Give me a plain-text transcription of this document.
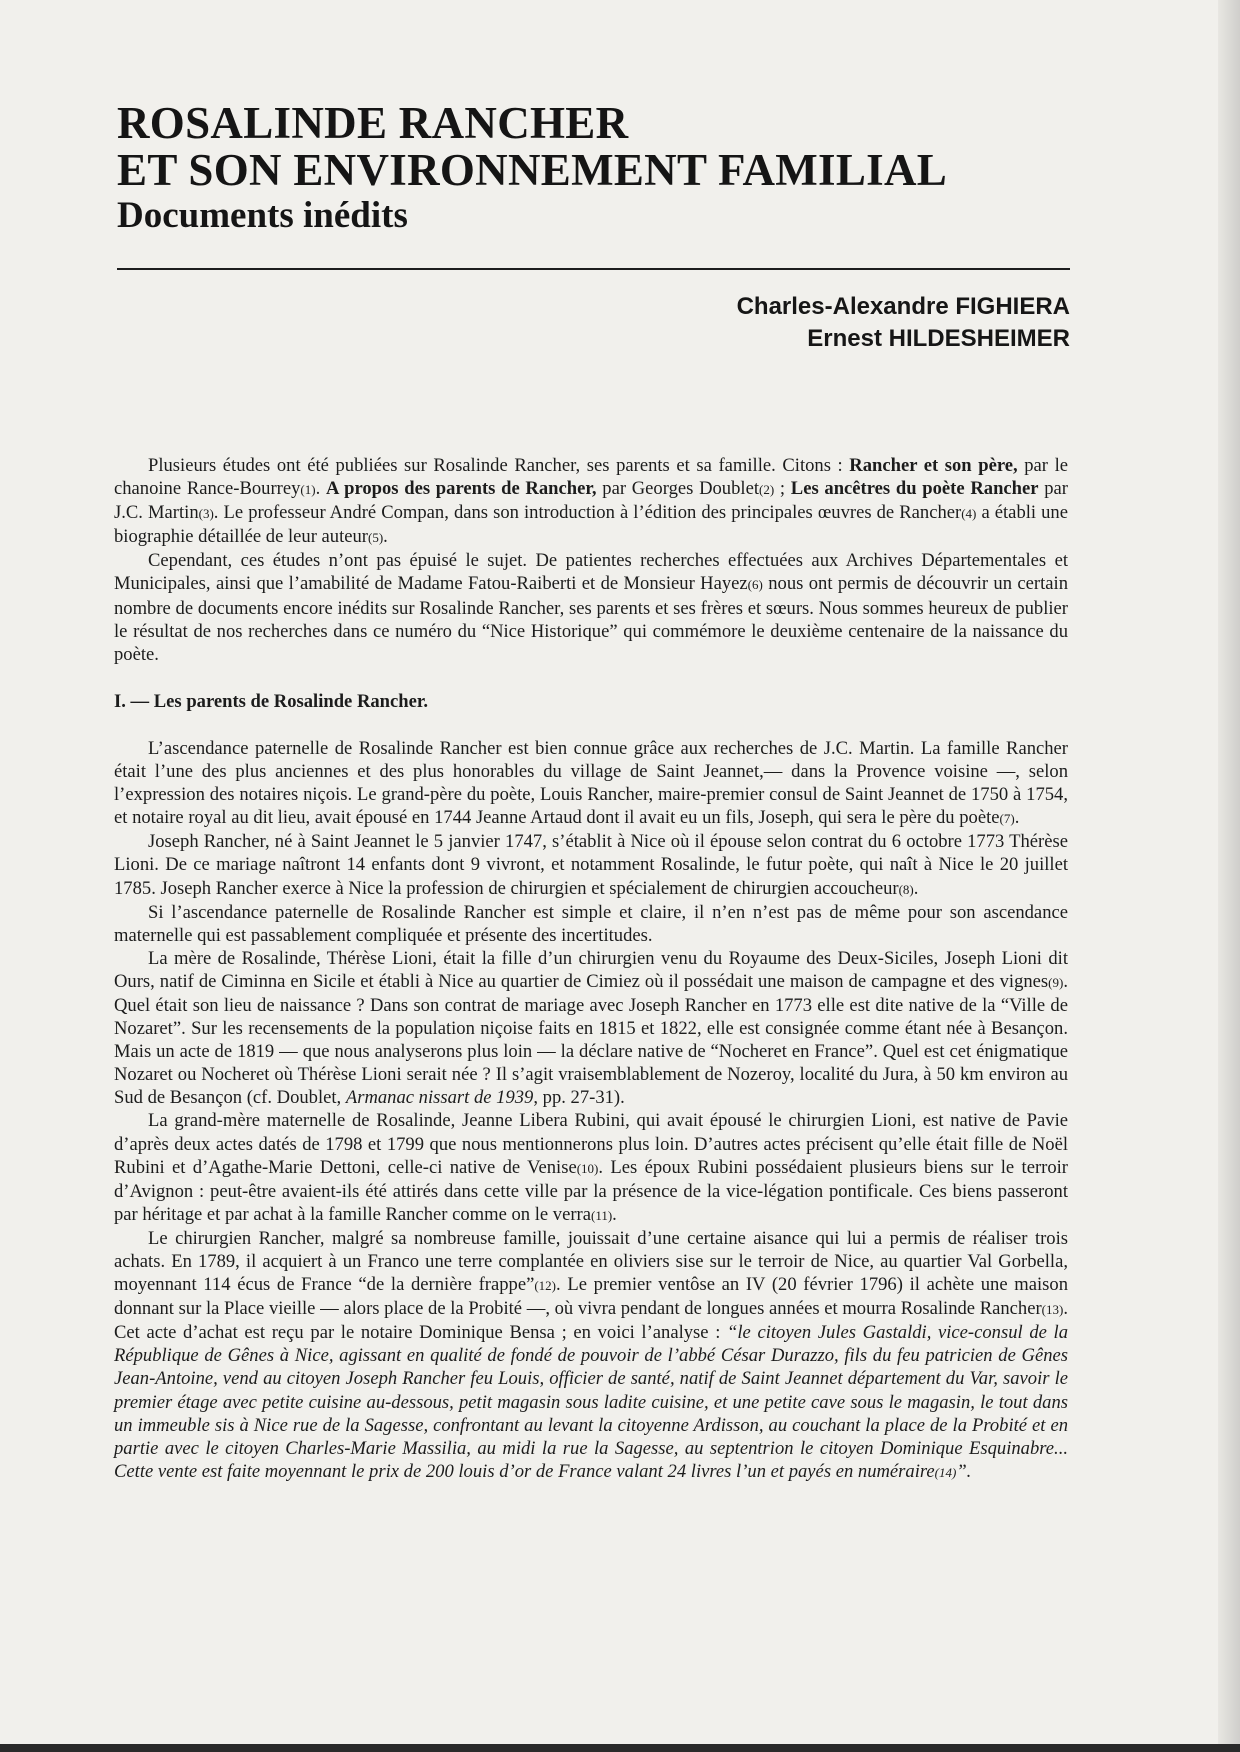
ROSALINDE RANCHER
ET SON ENVIRONNEMENT FAMILIAL
Documents inédits
Charles-Alexandre FIGHIERA
Ernest HILDESHEIMER

Plusieurs études ont été publiées sur Rosalinde Rancher, ses parents et sa famille. Citons : Rancher et son père, par le chanoine Rance-Bourrey(1). A propos des parents de Rancher, par Georges Doublet(2) ; Les ancêtres du poète Rancher par J.C. Martin(3). Le professeur André Compan, dans son introduction à l’édition des principales œuvres de Rancher(4) a établi une biographie détaillée de leur auteur(5).

Cependant, ces études n’ont pas épuisé le sujet. De patientes recherches effectuées aux Archives Départementales et Municipales, ainsi que l’amabilité de Madame Fatou-Raiberti et de Monsieur Hayez(6) nous ont permis de découvrir un certain nombre de documents encore inédits sur Rosalinde Rancher, ses parents et ses frères et sœurs. Nous sommes heureux de publier le résultat de nos recherches dans ce numéro du “Nice Historique” qui commémore le deuxième centenaire de la naissance du poète.

I. — Les parents de Rosalinde Rancher.

L’ascendance paternelle de Rosalinde Rancher est bien connue grâce aux recherches de J.C. Martin. La famille Rancher était l’une des plus anciennes et des plus honorables du village de Saint Jeannet,— dans la Provence voisine —, selon l’expression des notaires niçois. Le grand-père du poète, Louis Rancher, maire-premier consul de Saint Jeannet de 1750 à 1754, et notaire royal au dit lieu, avait épousé en 1744 Jeanne Artaud dont il avait eu un fils, Joseph, qui sera le père du poète(7).

Joseph Rancher, né à Saint Jeannet le 5 janvier 1747, s’établit à Nice où il épouse selon contrat du 6 octobre 1773 Thérèse Lioni. De ce mariage naîtront 14 enfants dont 9 vivront, et notamment Rosalinde, le futur poète, qui naît à Nice le 20 juillet 1785. Joseph Rancher exerce à Nice la profession de chirurgien et spécialement de chirurgien accoucheur(8).

Si l’ascendance paternelle de Rosalinde Rancher est simple et claire, il n’en n’est pas de même pour son ascendance maternelle qui est passablement compliquée et présente des incertitudes.

La mère de Rosalinde, Thérèse Lioni, était la fille d’un chirurgien venu du Royaume des Deux-Siciles, Joseph Lioni dit Ours, natif de Ciminna en Sicile et établi à Nice au quartier de Cimiez où il possédait une maison de campagne et des vignes(9). Quel était son lieu de naissance ? Dans son contrat de mariage avec Joseph Rancher en 1773 elle est dite native de la “Ville de Nozaret”. Sur les recensements de la population niçoise faits en 1815 et 1822, elle est consignée comme étant née à Besançon. Mais un acte de 1819 — que nous analyserons plus loin — la déclare native de “Nocheret en France”. Quel est cet énigmatique Nozaret ou Nocheret où Thérèse Lioni serait née ? Il s’agit vraisemblablement de Nozeroy, localité du Jura, à 50 km environ au Sud de Besançon (cf. Doublet, Armanac nissart de 1939, pp. 27-31).

La grand-mère maternelle de Rosalinde, Jeanne Libera Rubini, qui avait épousé le chirurgien Lioni, est native de Pavie d’après deux actes datés de 1798 et 1799 que nous mentionnerons plus loin. D’autres actes précisent qu’elle était fille de Noël Rubini et d’Agathe-Marie Dettoni, celle-ci native de Venise(10). Les époux Rubini possédaient plusieurs biens sur le terroir d’Avignon : peut-être avaient-ils été attirés dans cette ville par la présence de la vice-légation pontificale. Ces biens passeront par héritage et par achat à la famille Rancher comme on le verra(11).

Le chirurgien Rancher, malgré sa nombreuse famille, jouissait d’une certaine aisance qui lui a permis de réaliser trois achats. En 1789, il acquiert à un Franco une terre complantée en oliviers sise sur le terroir de Nice, au quartier Val Gorbella, moyennant 114 écus de France “de la dernière frappe”(12). Le premier ventôse an IV (20 février 1796) il achète une maison donnant sur la Place vieille — alors place de la Probité —, où vivra pendant de longues années et mourra Rosalinde Rancher(13). Cet acte d’achat est reçu par le notaire Dominique Bensa ; en voici l’analyse : “le citoyen Jules Gastaldi, vice-consul de la République de Gênes à Nice, agissant en qualité de fondé de pouvoir de l’abbé César Durazzo, fils du feu patricien de Gênes Jean-Antoine, vend au citoyen Joseph Rancher feu Louis, officier de santé, natif de Saint Jeannet département du Var, savoir le premier étage avec petite cuisine au-dessous, petit magasin sous ladite cuisine, et une petite cave sous le magasin, le tout dans un immeuble sis à Nice rue de la Sagesse, confrontant au levant la citoyenne Ardisson, au couchant la place de la Probité et en partie avec le citoyen Charles-Marie Massilia, au midi la rue la Sagesse, au septentrion le citoyen Dominique Esquinabre... Cette vente est faite moyennant le prix de 200 louis d’or de France valant 24 livres l’un et payés en numéraire(14)”.
